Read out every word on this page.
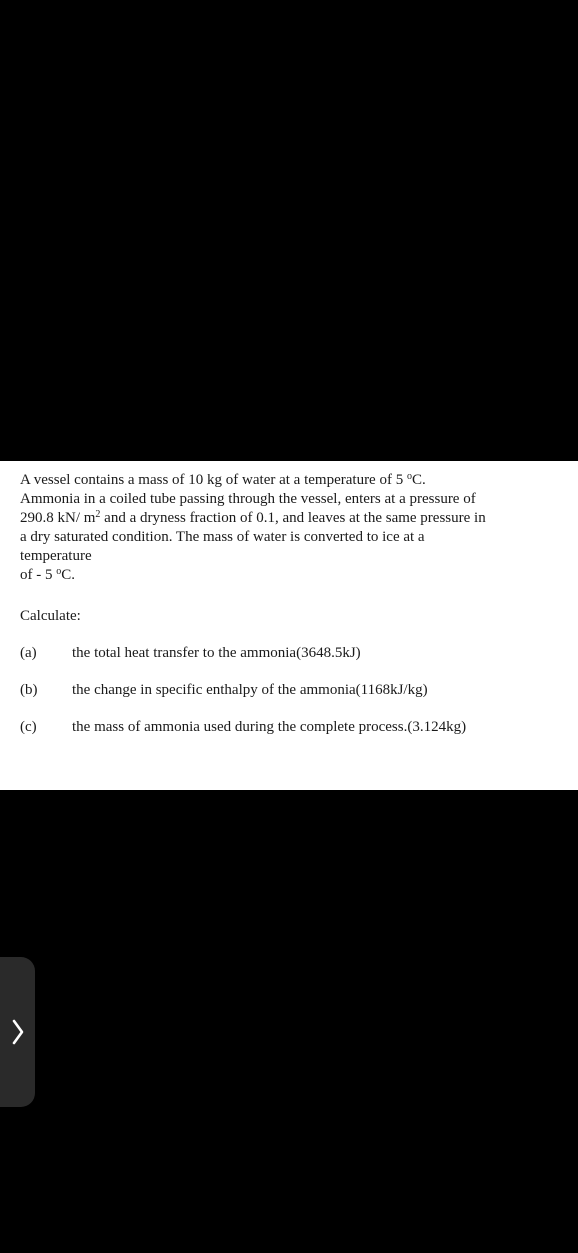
A vessel contains a mass of 10 kg of water at a temperature of 5 $^o$C.
Ammonia in a coiled tube passing through the vessel, enters at a pressure of
290.8 kN/ $m^2$ and a dryness fraction of 0.1, and leaves at the same pressure in
a dry saturated condition. The mass of water is converted to ice at a
temperature
of - 5 $^o$C.

Calculate:
(a)	the total heat transfer to the ammonia(3648.5kJ)
(b)	the change in specific enthalpy of the ammonia(1168kJ/kg)
(c)	the mass of ammonia used during the complete process.(3.124kg)
